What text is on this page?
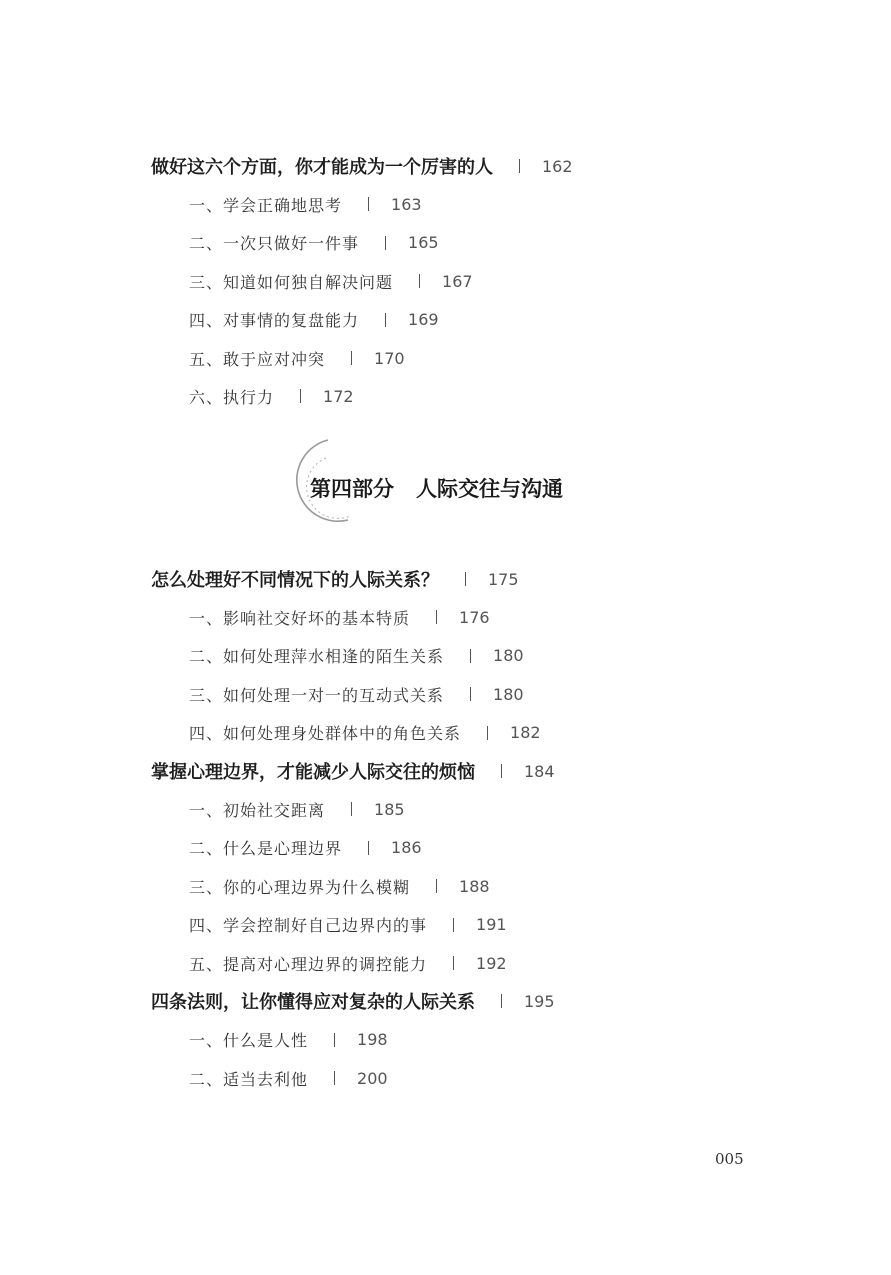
做好这六个方面，你才能成为一个厉害的人	162
一、学会正确地思考	163
二、一次只做好一件事	165
三、知道如何独自解决问题	167
四、对事情的复盘能力	169
五、敢于应对冲突	170
六、执行力	172
第四部分 人际交往与沟通
怎么处理好不同情况下的人际关系？	175
一、影响社交好坏的基本特质	176
二、如何处理萍水相逢的陌生关系	180
三、如何处理一对一的互动式关系	180
四、如何处理身处群体中的角色关系	182
掌握心理边界，才能减少人际交往的烦恼	184
一、初始社交距离	185
二、什么是心理边界	186
三、你的心理边界为什么模糊	188
四、学会控制好自己边界内的事	191
五、提高对心理边界的调控能力	192
四条法则，让你懂得应对复杂的人际关系	195
一、什么是人性	198
二、适当去利他	200
005
